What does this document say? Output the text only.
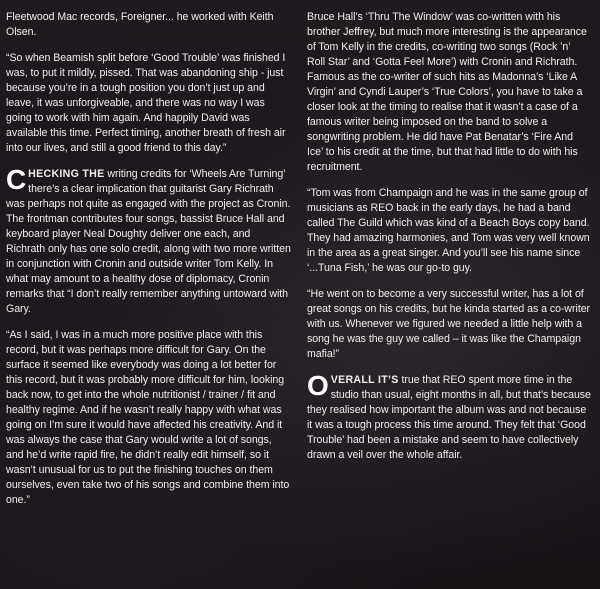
Fleetwood Mac records, Foreigner... he worked with Keith Olsen.

“So when Beamish split before ‘Good Trouble’ was finished I was, to put it mildly, pissed. That was abandoning ship - just because you’re in a tough position you don’t just up and leave, it was unforgiveable, and there was no way I was going to work with him again. And happily David was available this time. Perfect timing, another breath of fresh air into our lives, and still a good friend to this day.”

CHECKING THE writing credits for ‘Wheels Are Turning’ there’s a clear implication that guitarist Gary Richrath was perhaps not quite as engaged with the project as Cronin. The frontman contributes four songs, bassist Bruce Hall and keyboard player Neal Doughty deliver one each, and Richrath only has one solo credit, along with two more written in conjunction with Cronin and outside writer Tom Kelly. In what may amount to a healthy dose of diplomacy, Cronin remarks that “I don’t really remember anything untoward with Gary.

“As I said, I was in a much more positive place with this record, but it was perhaps more difficult for Gary. On the surface it seemed like everybody was doing a lot better for this record, but it was probably more difficult for him, looking back now, to get into the whole nutritionist / trainer / fit and healthy regime. And if he wasn’t really happy with what was going on I’m sure it would have affected his creativity. And it was always the case that Gary would write a lot of songs, and he’d write rapid fire, he didn’t really edit himself, so it wasn’t unusual for us to put the finishing touches on them ourselves, even take two of his songs and combine them into one.”

Bruce Hall’s ‘Thru The Window’ was co-written with his brother Jeffrey, but much more interesting is the appearance of Tom Kelly in the credits, co-writing two songs (Rock ’n’ Roll Star’ and ‘Gotta Feel More’) with Cronin and Richrath. Famous as the co-writer of such hits as Madonna’s ‘Like A Virgin’ and Cyndi Lauper’s ‘True Colors’, you have to take a closer look at the timing to realise that it wasn’t a case of a famous writer being imposed on the band to solve a songwriting problem. He did have Pat Benatar’s ‘Fire And Ice’ to his credit at the time, but that had little to do with his recruitment.

“Tom was from Champaign and he was in the same group of musicians as REO back in the early days, he had a band called The Guild which was kind of a Beach Boys copy band. They had amazing harmonies, and Tom was very well known in the area as a great singer. And you’ll see his name since ‘...Tuna Fish,’ he was our go-to guy.

“He went on to become a very successful writer, has a lot of great songs on his credits, but he kinda started as a co-writer with us. Whenever we figured we needed a little help with a song he was the guy we called – it was like the Champaign mafia!”

OVERALL IT’S true that REO spent more time in the studio than usual, eight months in all, but that’s because they realised how important the album was and not because it was a tough process this time around. They felt that ‘Good Trouble’ had been a mistake and seem to have collectively drawn a veil over the whole affair.
